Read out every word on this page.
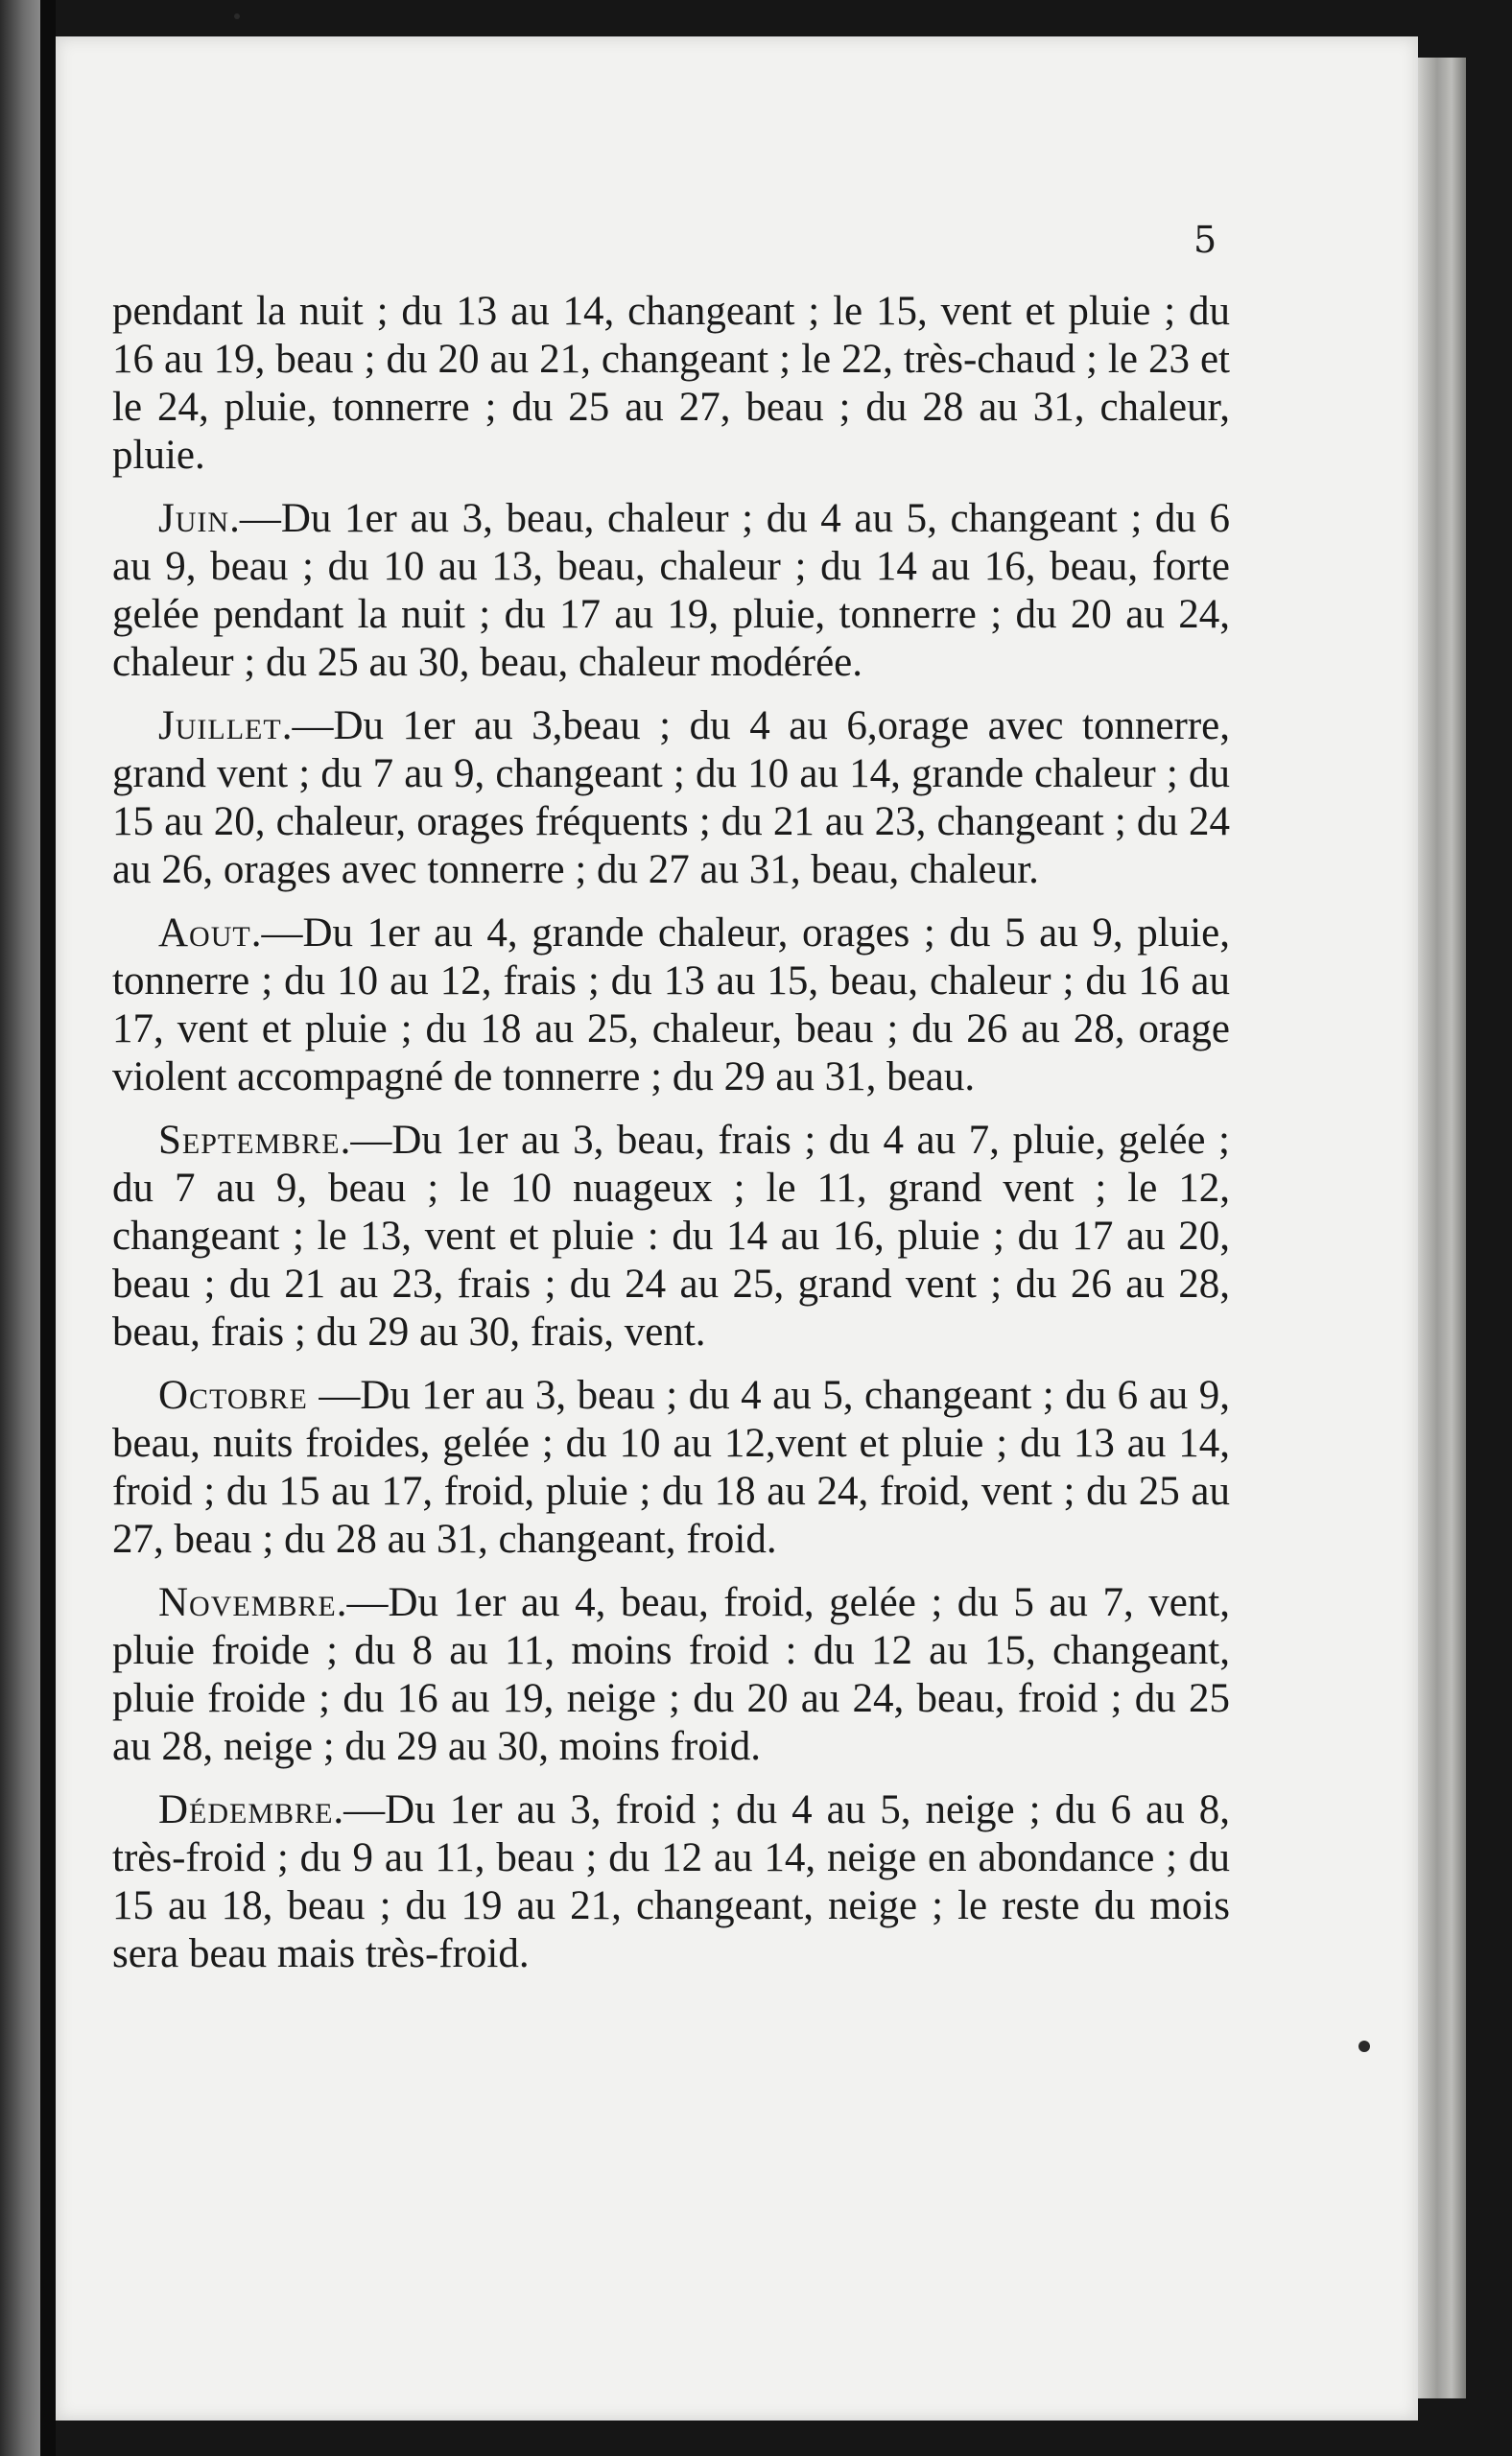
5

pendant la nuit ; du 13 au 14, changeant ; le 15, vent et pluie ; du 16 au 19, beau ; du 20 au 21, changeant ; le 22, très-chaud ; le 23 et le 24, pluie, tonnerre ; du 25 au 27, beau ; du 28 au 31, chaleur, pluie.

Juin.—Du 1er au 3, beau, chaleur ; du 4 au 5, changeant ; du 6 au 9, beau ; du 10 au 13, beau, chaleur ; du 14 au 16, beau, forte gelée pendant la nuit ; du 17 au 19, pluie, tonnerre ; du 20 au 24, chaleur ; du 25 au 30, beau, chaleur modérée.

Juillet.—Du 1er au 3,beau ; du 4 au 6,orage avec tonnerre, grand vent ; du 7 au 9, changeant ; du 10 au 14, grande chaleur ; du 15 au 20, chaleur, orages fréquents ; du 21 au 23, changeant ; du 24 au 26, orages avec tonnerre ; du 27 au 31, beau, chaleur.

Aout.—Du 1er au 4, grande chaleur, orages ; du 5 au 9, pluie, tonnerre ; du 10 au 12, frais ; du 13 au 15, beau, chaleur ; du 16 au 17, vent et pluie ; du 18 au 25, chaleur, beau ; du 26 au 28, orage violent accompagné de tonnerre ; du 29 au 31, beau.

Septembre.—Du 1er au 3, beau, frais ; du 4 au 7, pluie, gelée ; du 7 au 9, beau ; le 10 nuageux ; le 11, grand vent ; le 12, changeant ; le 13, vent et pluie : du 14 au 16, pluie ; du 17 au 20, beau ; du 21 au 23, frais ; du 24 au 25, grand vent ; du 26 au 28, beau, frais ; du 29 au 30, frais, vent.

Octobre —Du 1er au 3, beau ; du 4 au 5, changeant ; du 6 au 9, beau, nuits froides, gelée ; du 10 au 12,vent et pluie ; du 13 au 14, froid ; du 15 au 17, froid, pluie ; du 18 au 24, froid, vent ; du 25 au 27, beau ; du 28 au 31, changeant, froid.

Novembre.—Du 1er au 4, beau, froid, gelée ; du 5 au 7, vent, pluie froide ; du 8 au 11, moins froid : du 12 au 15, changeant, pluie froide ; du 16 au 19, neige ; du 20 au 24, beau, froid ; du 25 au 28, neige ; du 29 au 30, moins froid.

Dédembre.—Du 1er au 3, froid ; du 4 au 5, neige ; du 6 au 8, très-froid ; du 9 au 11, beau ; du 12 au 14, neige en abondance ; du 15 au 18, beau ; du 19 au 21, changeant, neige ; le reste du mois sera beau mais très-froid.
